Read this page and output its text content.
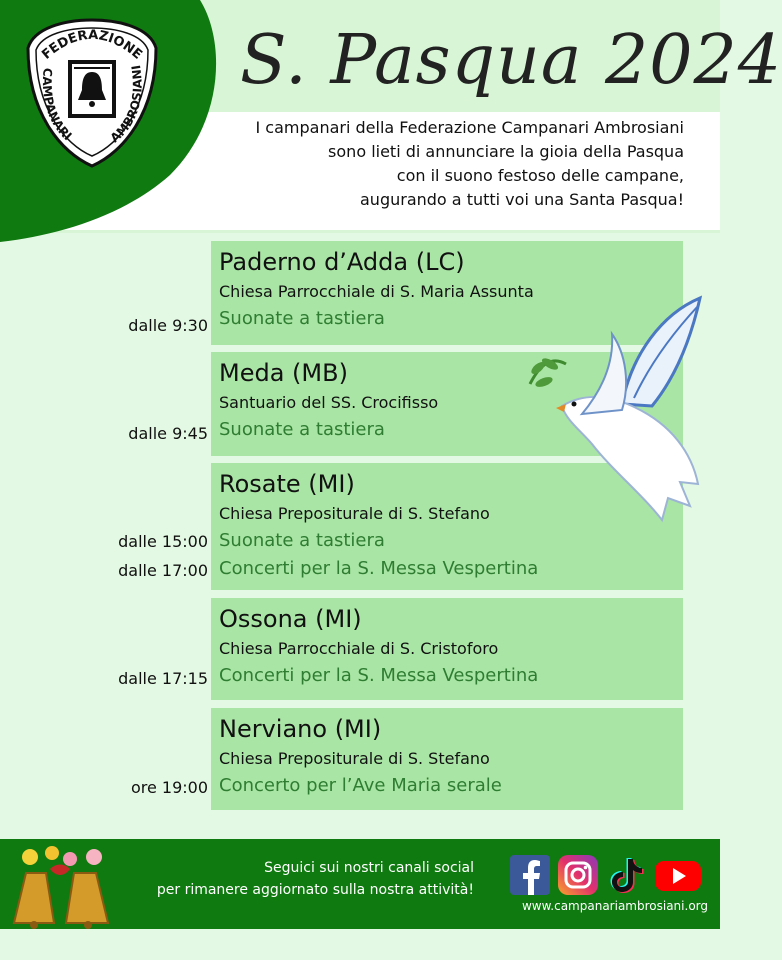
FEDERAZIONE
CAMPANARI	AMBROSIANI S. Pasqua 2024
I campanari della Federazione Campanari Ambrosiani
sono lieti di annunciare la gioia della Pasqua
con il suono festoso delle campane,
augurando a tutti voi una Santa Pasqua!
Paderno d’Adda (LC)
Chiesa Parrocchiale di S. Maria Assunta
Suonate a tastiera
dalle 9:30
Meda (MB)
Santuario del SS. Crocifisso
Suonate a tastiera
dalle 9:45
Rosate (MI)
Chiesa Prepositurale di S. Stefano
Suonate a tastiera
Concerti per la S. Messa Vespertina
dalle 15:00
dalle 17:00
Ossona (MI)
Chiesa Parrocchiale di S. Cristoforo
Concerti per la S. Messa Vespertina
dalle 17:15
Nerviano (MI)
Chiesa Prepositurale di S. Stefano
Concerto per l’Ave Maria serale
ore 19:00
Seguici sui nostri canali social
per rimanere aggiornato sulla nostra attività!
www.campanariambrosiani.org
